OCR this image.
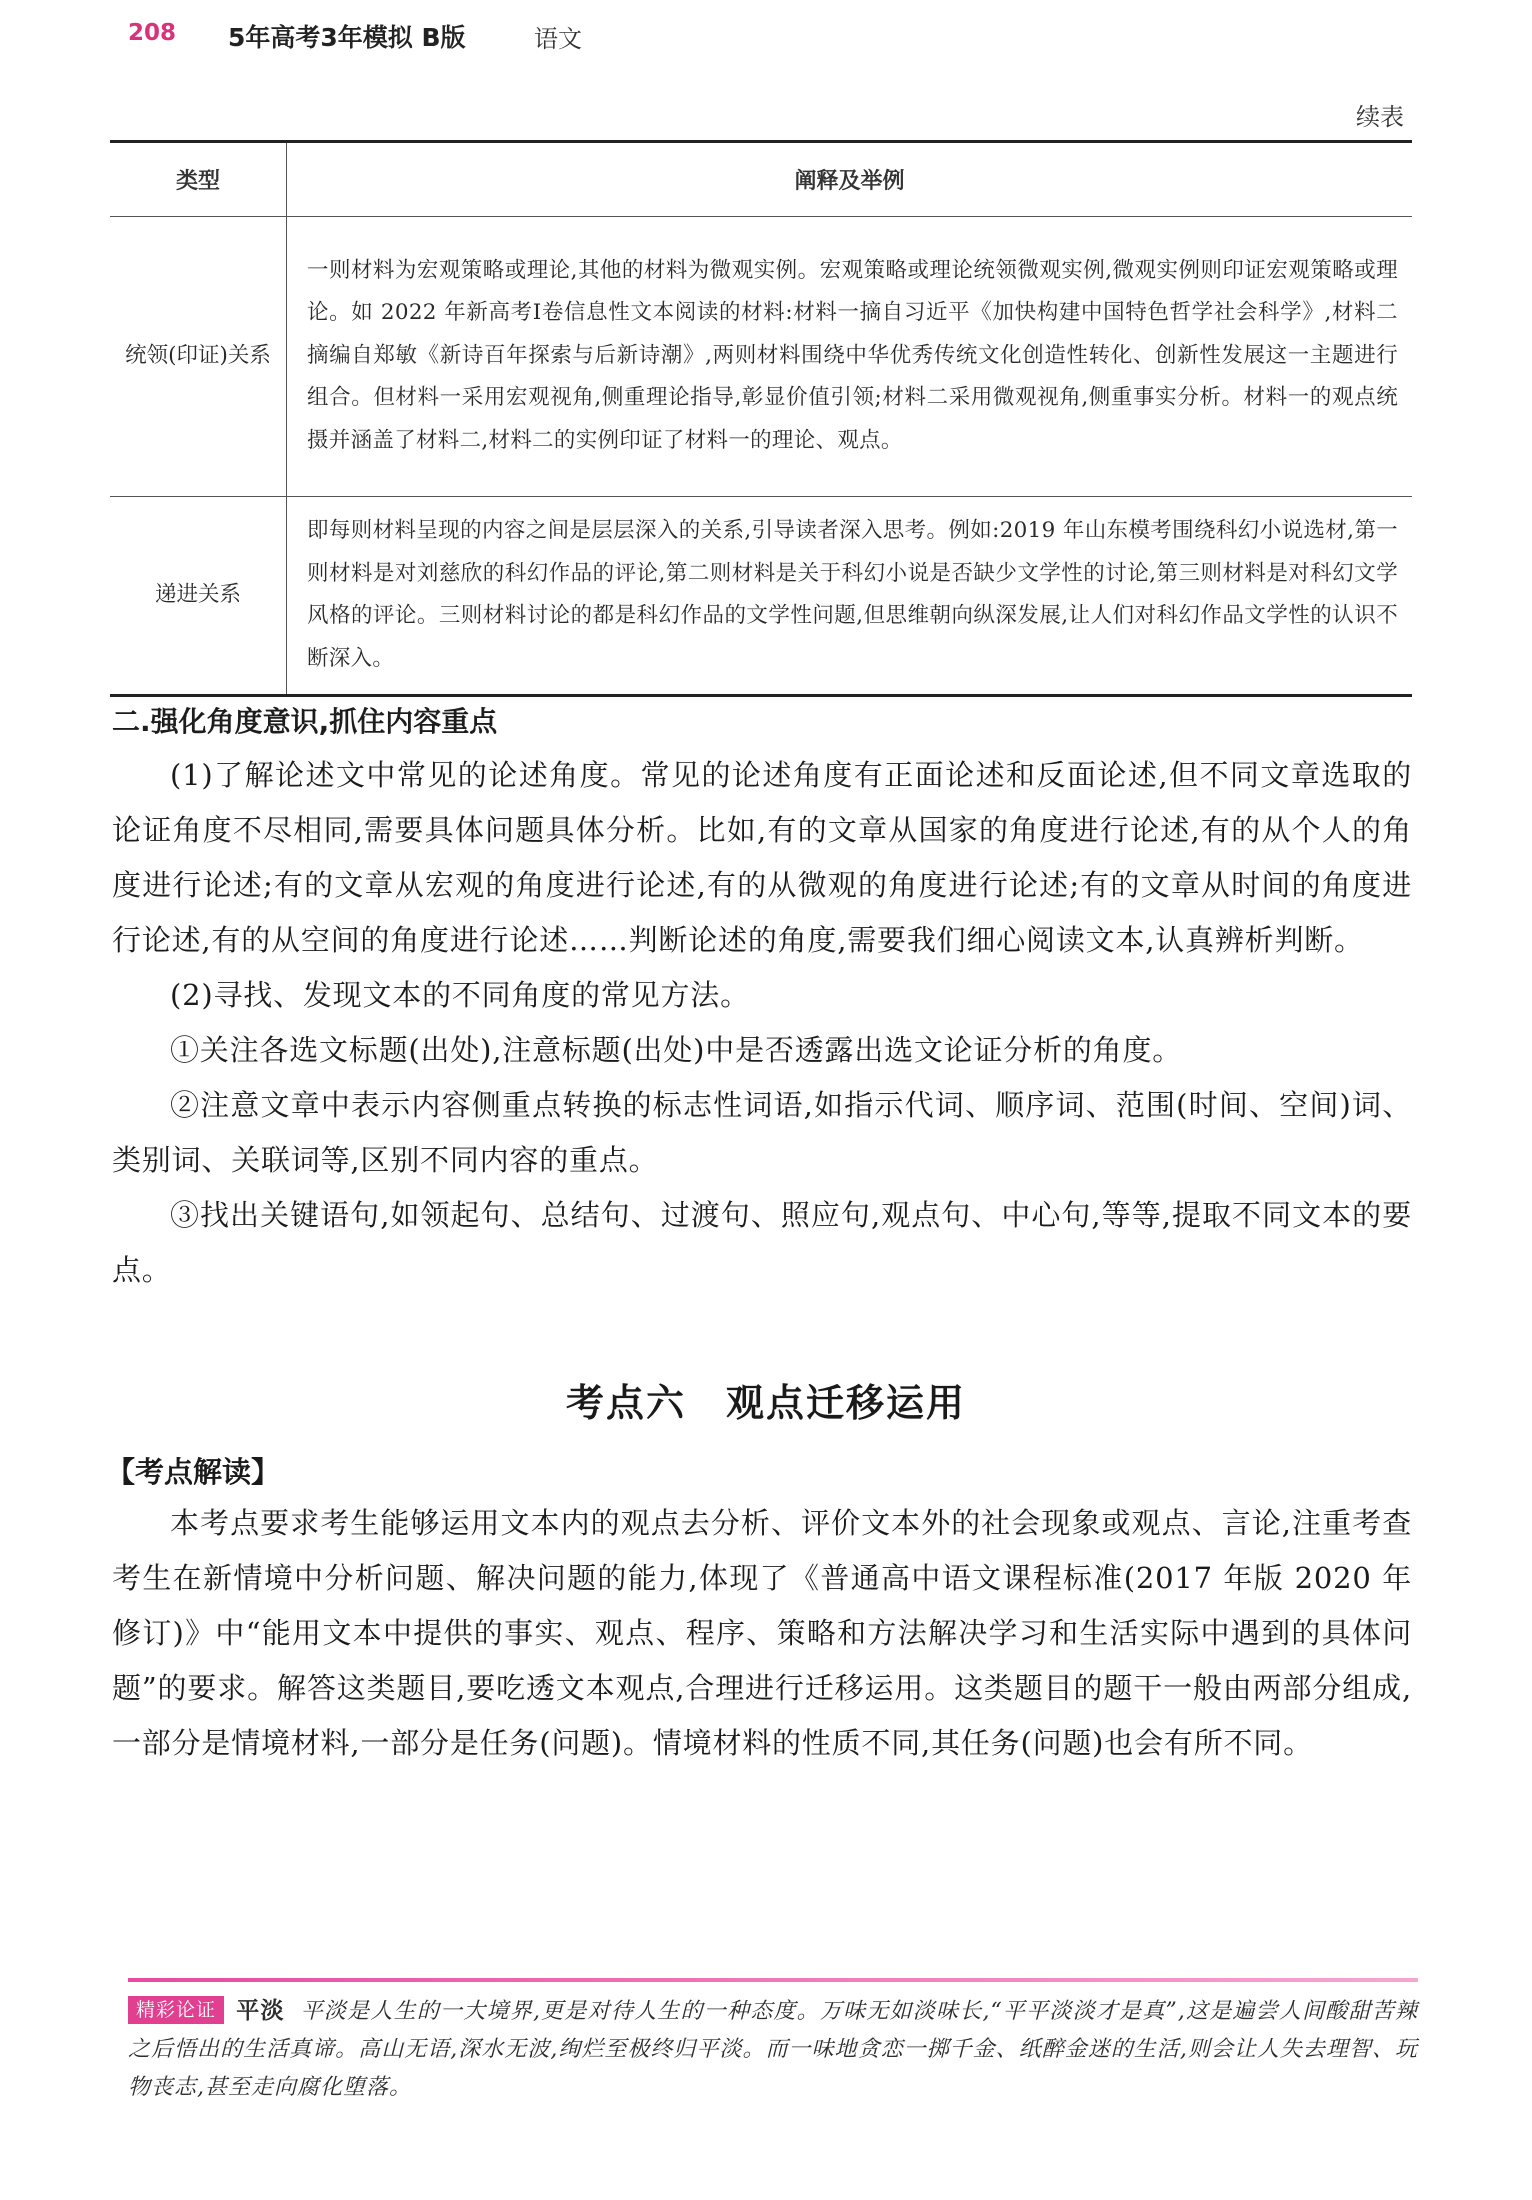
208 5年高考3年模拟 B版	语文
续表
类型	阐释及举例
统领(印证)关系	一则材料为宏观策略或理论,其他的材料为微观实例。宏观策略或理论统领微观实例,微观实例则印证宏观策略或理论。如 2022 年新高考Ⅰ卷信息性文本阅读的材料:材料一摘自习近平《加快构建中国特色哲学社会科学》,材料二摘编自郑敏《新诗百年探索与后新诗潮》,两则材料围绕中华优秀传统文化创造性转化、创新性发展这一主题进行组合。但材料一采用宏观视角,侧重理论指导,彰显价值引领;材料二采用微观视角,侧重事实分析。材料一的观点统摄并涵盖了材料二,材料二的实例印证了材料一的理论、观点。
递进关系	即每则材料呈现的内容之间是层层深入的关系,引导读者深入思考。例如:2019 年山东模考围绕科幻小说选材,第一则材料是对刘慈欣的科幻作品的评论,第二则材料是关于科幻小说是否缺少文学性的讨论,第三则材料是对科幻文学风格的评论。三则材料讨论的都是科幻作品的文学性问题,但思维朝向纵深发展,让人们对科幻作品文学性的认识不断深入。
二.强化角度意识,抓住内容重点

(1)了解论述文中常见的论述角度。常见的论述角度有正面论述和反面论述,但不同文章选取的论证角度不尽相同,需要具体问题具体分析。比如,有的文章从国家的角度进行论述,有的从个人的角度进行论述;有的文章从宏观的角度进行论述,有的从微观的角度进行论述;有的文章从时间的角度进行论述,有的从空间的角度进行论述……判断论述的角度,需要我们细心阅读文本,认真辨析判断。

(2)寻找、发现文本的不同角度的常见方法。

①关注各选文标题(出处),注意标题(出处)中是否透露出选文论证分析的角度。

②注意文章中表示内容侧重点转换的标志性词语,如指示代词、顺序词、范围(时间、空间)词、类别词、关联词等,区别不同内容的重点。

③找出关键语句,如领起句、总结句、过渡句、照应句,观点句、中心句,等等,提取不同文本的要点。

考点六　观点迁移运用
【考点解读】

本考点要求考生能够运用文本内的观点去分析、评价文本外的社会现象或观点、言论,注重考查考生在新情境中分析问题、解决问题的能力,体现了《普通高中语文课程标准(2017 年版 2020 年修订)》中“能用文本中提供的事实、观点、程序、策略和方法解决学习和生活实际中遇到的具体问题”的要求。解答这类题目,要吃透文本观点,合理进行迁移运用。这类题目的题干一般由两部分组成,一部分是情境材料,一部分是任务(问题)。情境材料的性质不同,其任务(问题)也会有所不同。

精彩论证 平淡 平淡是人生的一大境界,更是对待人生的一种态度。万味无如淡味长,“平平淡淡才是真”,这是遍尝人间酸甜苦辣之后悟出的生活真谛。高山无语,深水无波,绚烂至极终归平淡。而一味地贪恋一掷千金、纸醉金迷的生活,则会让人失去理智、玩物丧志,甚至走向腐化堕落。
